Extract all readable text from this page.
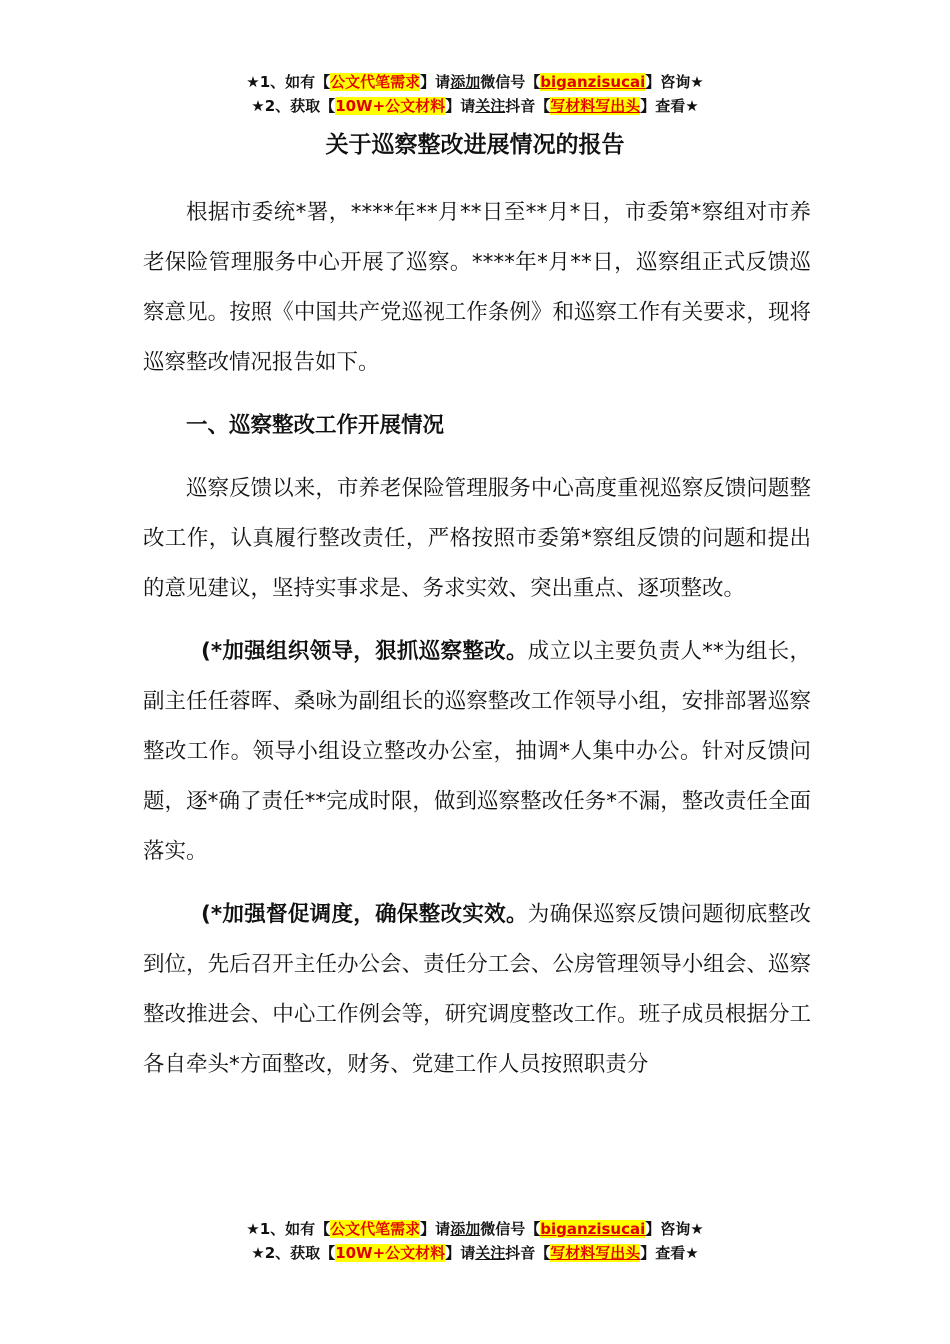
★1、如有【公文代笔需求】请添加微信号【biganzisucai】咨询★
★2、获取【10W+公文材料】请关注抖音【写材料写出头】查看★
关于巡察整改进展情况的报告

根据市委统*署，****年**月**日至**月*日，市委第*察组对市养老保险管理服务中心开展了巡察。****年*月**日，巡察组正式反馈巡察意见。按照《中国共产党巡视工作条例》和巡察工作有关要求，现将巡察整改情况报告如下。

一、巡察整改工作开展情况

巡察反馈以来，市养老保险管理服务中心高度重视巡察反馈问题整改工作，认真履行整改责任，严格按照市委第*察组反馈的问题和提出的意见建议，坚持实事求是、务求实效、突出重点、逐项整改。

(*加强组织领导，狠抓巡察整改。成立以主要负责人**为组长，副主任任蓉晖、桑咏为副组长的巡察整改工作领导小组，安排部署巡察整改工作。领导小组设立整改办公室，抽调*人集中办公。针对反馈问题，逐*确了责任**完成时限，做到巡察整改任务*不漏，整改责任全面落实。

(*加强督促调度，确保整改实效。为确保巡察反馈问题彻底整改到位，先后召开主任办公会、责任分工会、公房管理领导小组会、巡察整改推进会、中心工作例会等，研究调度整改工作。班子成员根据分工各自牵头*方面整改，财务、党建工作人员按照职责分

★1、如有【公文代笔需求】请添加微信号【biganzisucai】咨询★
★2、获取【10W+公文材料】请关注抖音【写材料写出头】查看★
